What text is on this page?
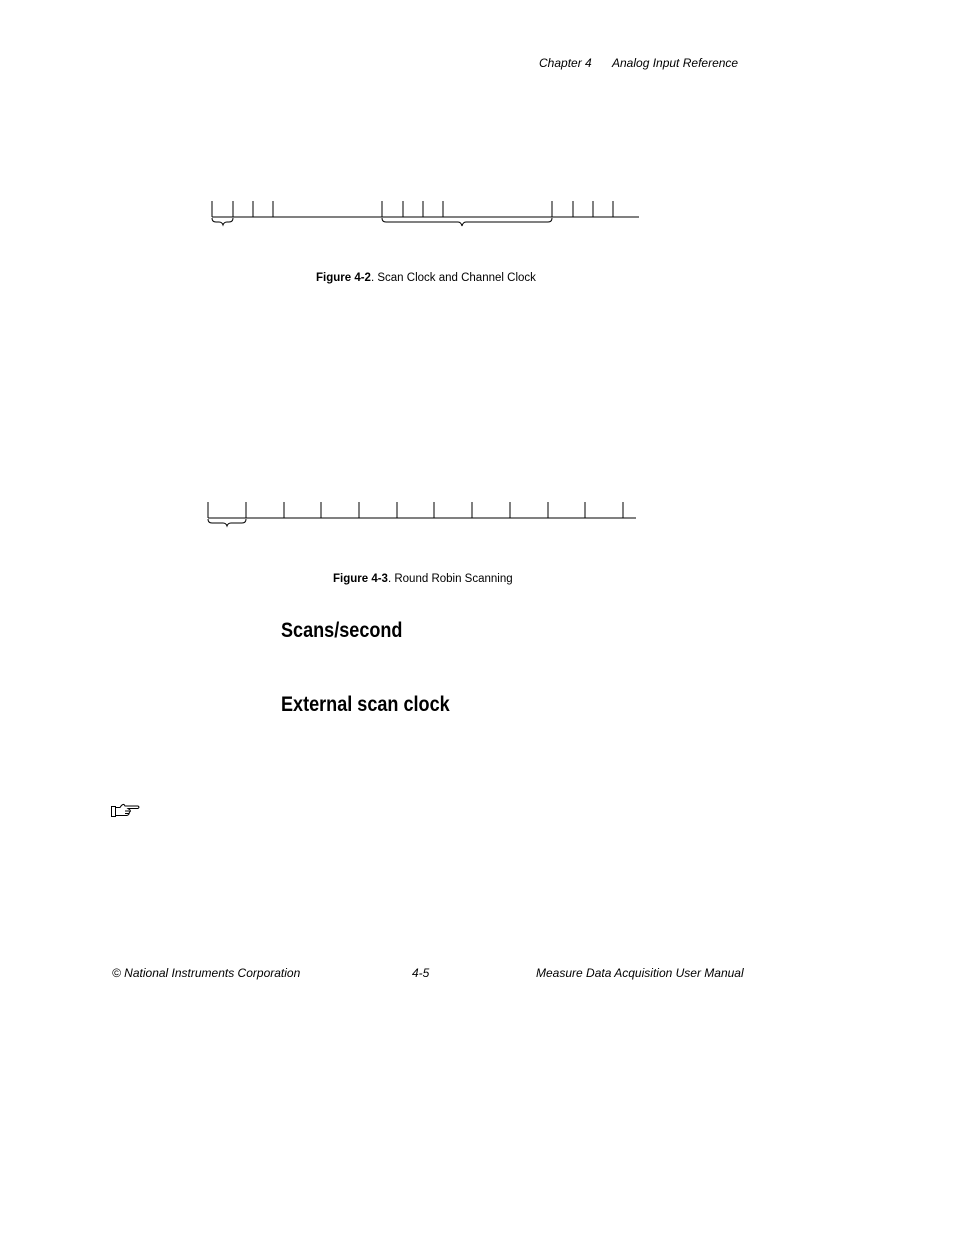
Chapter 4 Analog Input Reference
Figure 4-2. Scan Clock and Channel Clock
Figure 4-3. Round Robin Scanning
Scans/second
External scan clock
© National Instruments Corporation	4-5	Measure Data Acquisition User Manual
